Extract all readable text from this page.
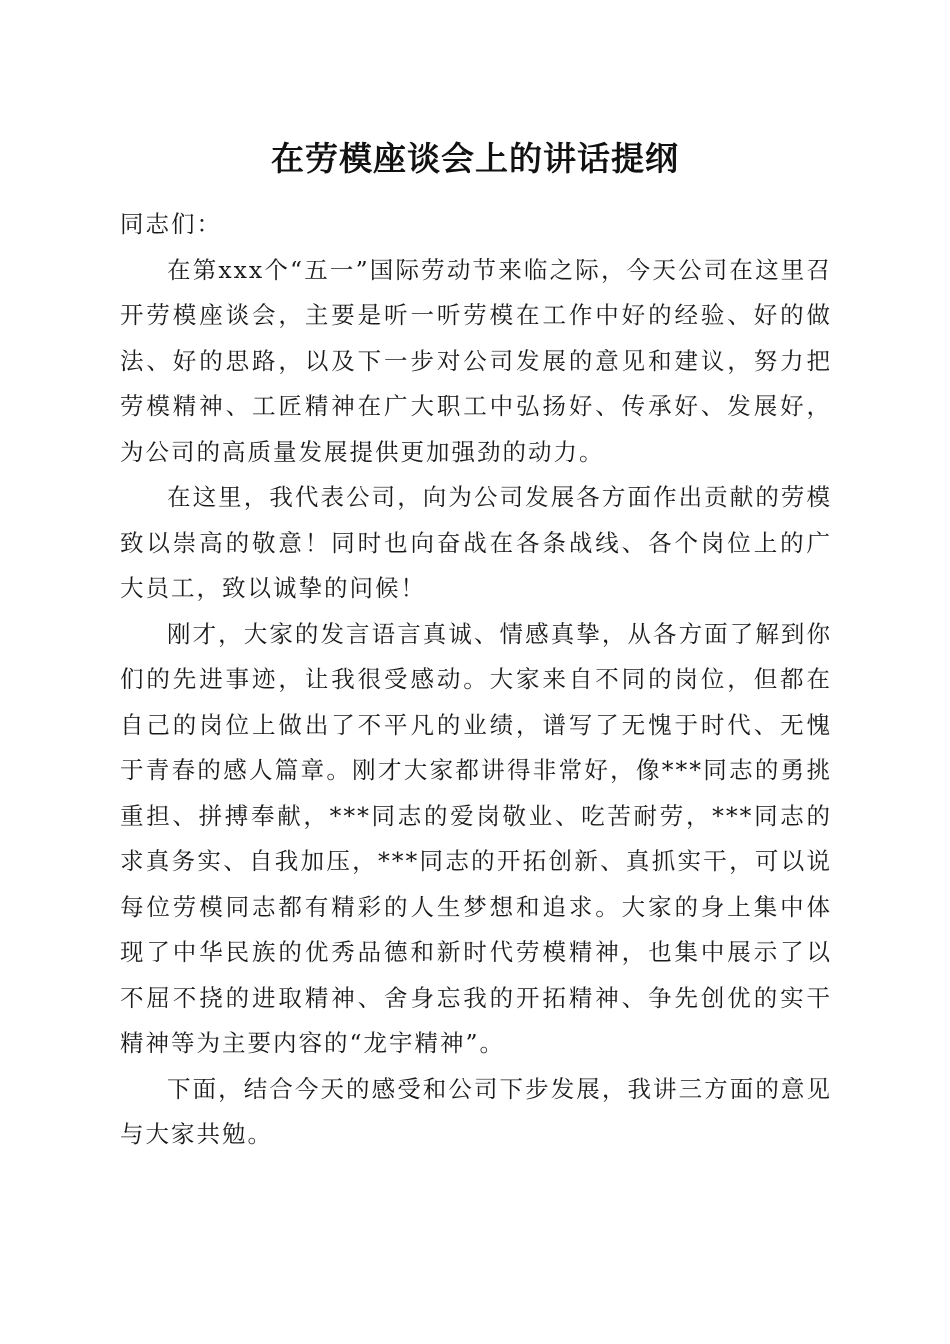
在劳模座谈会上的讲话提纲

同志们：

在第xxx个“五一”国际劳动节来临之际，今天公司在这里召开劳模座谈会，主要是听一听劳模在工作中好的经验、好的做法、好的思路，以及下一步对公司发展的意见和建议，努力把劳模精神、工匠精神在广大职工中弘扬好、传承好、发展好，为公司的高质量发展提供更加强劲的动力。

在这里，我代表公司，向为公司发展各方面作出贡献的劳模致以崇高的敬意！同时也向奋战在各条战线、各个岗位上的广大员工，致以诚挚的问候！

刚才，大家的发言语言真诚、情感真挚，从各方面了解到你们的先进事迹，让我很受感动。大家来自不同的岗位，但都在自己的岗位上做出了不平凡的业绩，谱写了无愧于时代、无愧于青春的感人篇章。刚才大家都讲得非常好，像***同志的勇挑重担、拼搏奉献，***同志的爱岗敬业、吃苦耐劳，***同志的求真务实、自我加压，***同志的开拓创新、真抓实干，可以说每位劳模同志都有精彩的人生梦想和追求。大家的身上集中体现了中华民族的优秀品德和新时代劳模精神，也集中展示了以不屈不挠的进取精神、舍身忘我的开拓精神、争先创优的实干精神等为主要内容的“龙宇精神”。

下面，结合今天的感受和公司下步发展，我讲三方面的意见与大家共勉。
